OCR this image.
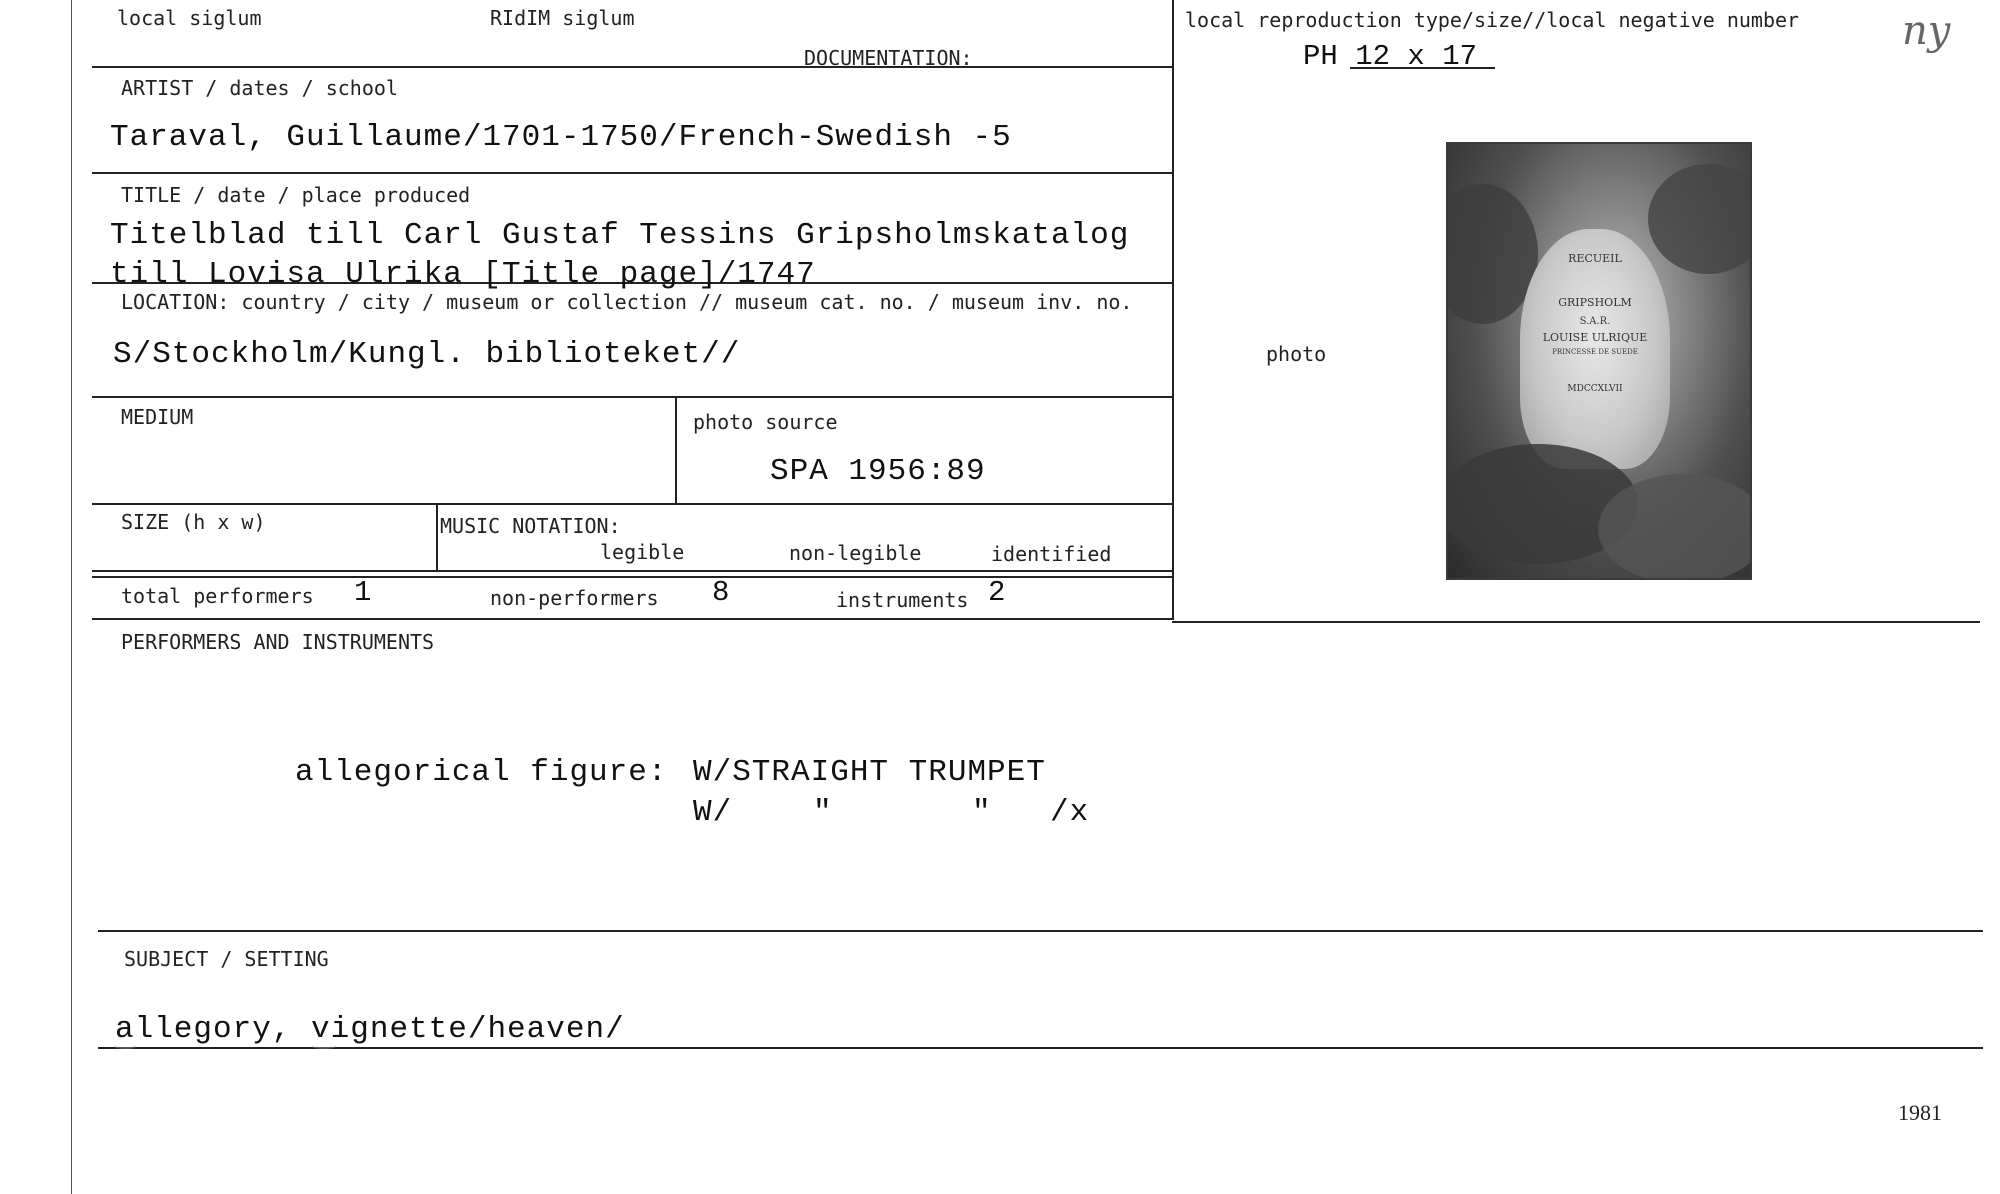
local siglum	RIdIM siglum
DOCUMENTATION:
local reproduction type/size//local negative number
PH 12 x 17
ny
ARTIST / dates / school
Taraval, Guillaume/1701-1750/French-Swedish -5
TITLE / date / place produced
Titelblad till Carl Gustaf Tessins Gripsholmskatalog
till Lovisa Ulrika [Title page]/1747
LOCATION: country / city / museum or collection // museum cat. no. / museum inv. no.
S/Stockholm/Kungl. biblioteket//
MEDIUM	photo source
SPA 1956:89
SIZE (h x w)	MUSIC NOTATION:
legible	non-legible	identified
total performers 1	non-performers 8	instruments 2
photo
RECUEIL
GRIPSHOLM
S.A.R.
LOUISE ULRIQUE
PRINCESSE DE SUEDE
MDCCXLVII
PERFORMERS AND INSTRUMENTS
allegorical figure: W/STRAIGHT TRUMPET
W/	"	" /x
SUBJECT / SETTING
allegory, vignette/heaven/
1981
